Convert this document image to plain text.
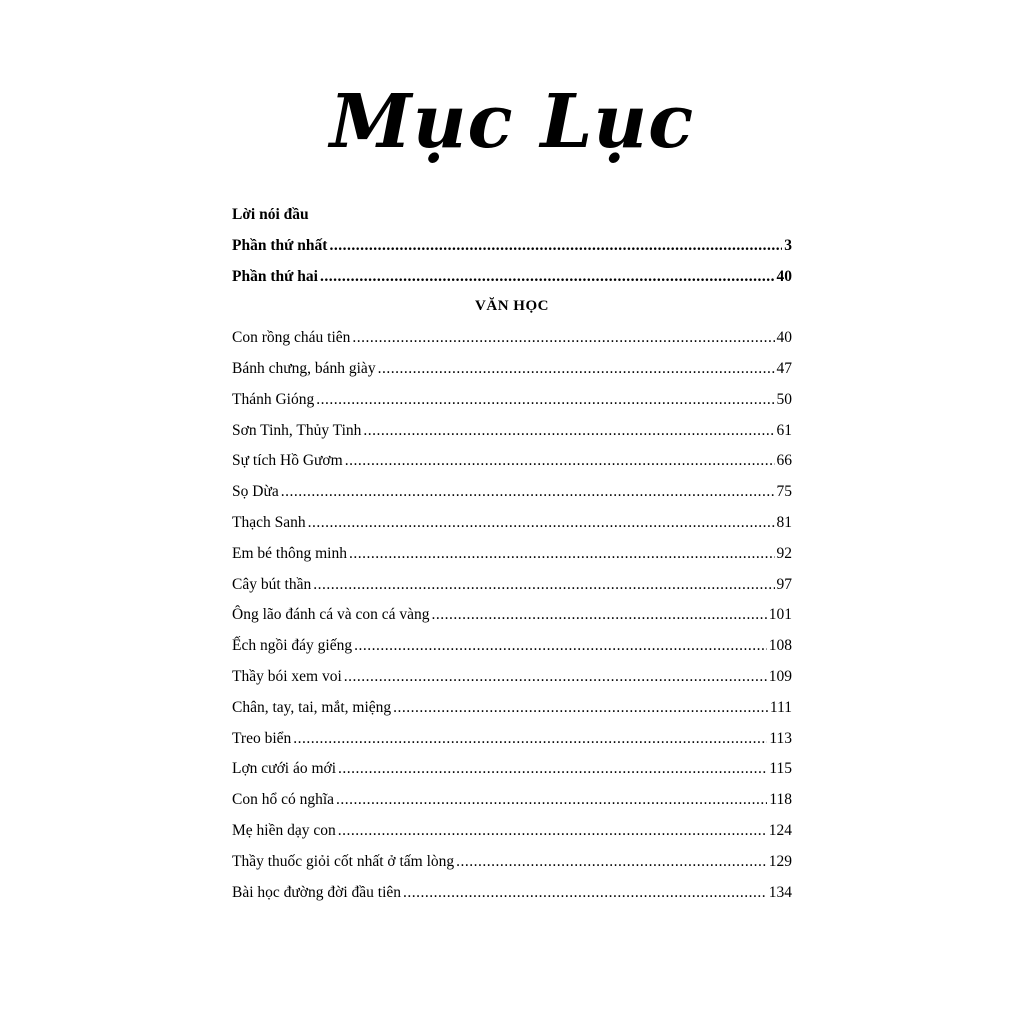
Mục Lục
Lời nói đầu
Phần thứ nhất .....	3
Phần thứ hai .....	40
VĂN HỌC
Con rồng cháu tiên .....	40
Bánh chưng, bánh giày .....	47
Thánh Gióng .....	50
Sơn Tinh, Thủy Tinh .....	61
Sự tích Hồ Gươm .....	66
Sọ Dừa .....	75
Thạch Sanh .....	81
Em bé thông minh .....	92
Cây bút thần .....	97
Ông lão đánh cá và con cá vàng .....	101
Ếch ngồi đáy giếng .....	108
Thầy bói xem voi .....	109
Chân, tay, tai, mắt, miệng .....	111
Treo biển .....	113
Lợn cưới áo mới .....	115
Con hổ có nghĩa .....	118
Mẹ hiền dạy con .....	124
Thầy thuốc giỏi cốt nhất ở tấm lòng .....	129
Bài học đường đời đầu tiên .....	134
